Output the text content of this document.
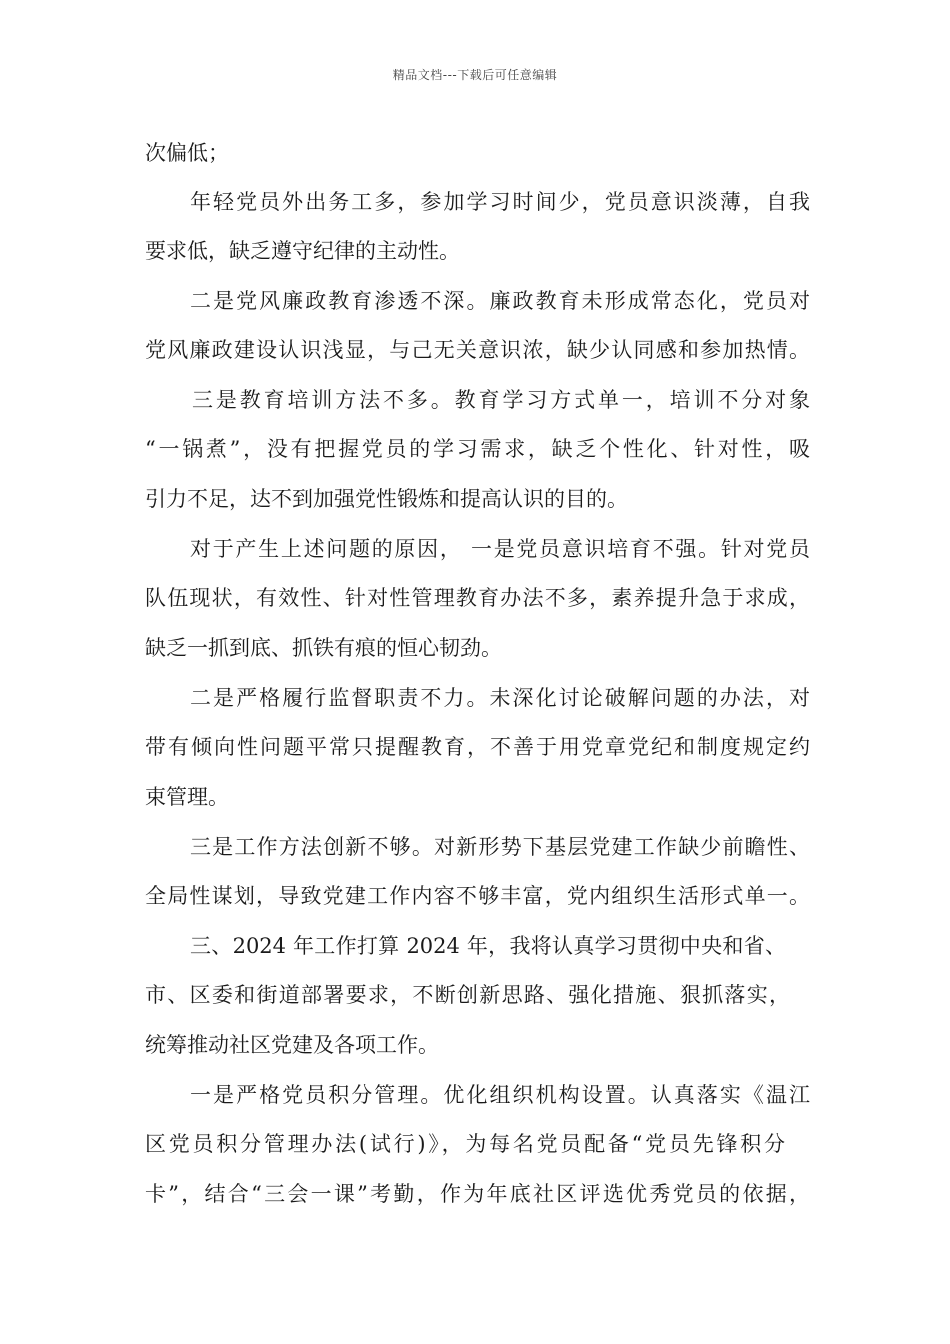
精品文档---下载后可任意编辑
次偏低；
年轻党员外出务工多，参加学习时间少，党员意识淡薄，自我
要求低，缺乏遵守纪律的主动性。
二是党风廉政教育渗透不深。廉政教育未形成常态化，党员对
党风廉政建设认识浅显，与己无关意识浓，缺少认同感和参加热情。
三是教育培训方法不多。教育学习方式单一，培训不分对象
“一锅煮”，没有把握党员的学习需求，缺乏个性化、针对性，吸
引力不足，达不到加强党性锻炼和提高认识的目的。
对于产生上述问题的原因， 一是党员意识培育不强。针对党员
队伍现状，有效性、针对性管理教育办法不多，素养提升急于求成，
缺乏一抓到底、抓铁有痕的恒心韧劲。
二是严格履行监督职责不力。未深化讨论破解问题的办法，对
带有倾向性问题平常只提醒教育，不善于用党章党纪和制度规定约
束管理。
三是工作方法创新不够。对新形势下基层党建工作缺少前瞻性、
全局性谋划，导致党建工作内容不够丰富，党内组织生活形式单一。
三、2024 年工作打算 2024 年，我将认真学习贯彻中央和省、
市、区委和街道部署要求，不断创新思路、强化措施、狠抓落实，
统筹推动社区党建及各项工作。
一是严格党员积分管理。优化组织机构设置。认真落实《温江
区党员积分管理办法(试行)》，为每名党员配备“党员先锋积分
卡”，结合“三会一课”考勤，作为年底社区评选优秀党员的依据，
